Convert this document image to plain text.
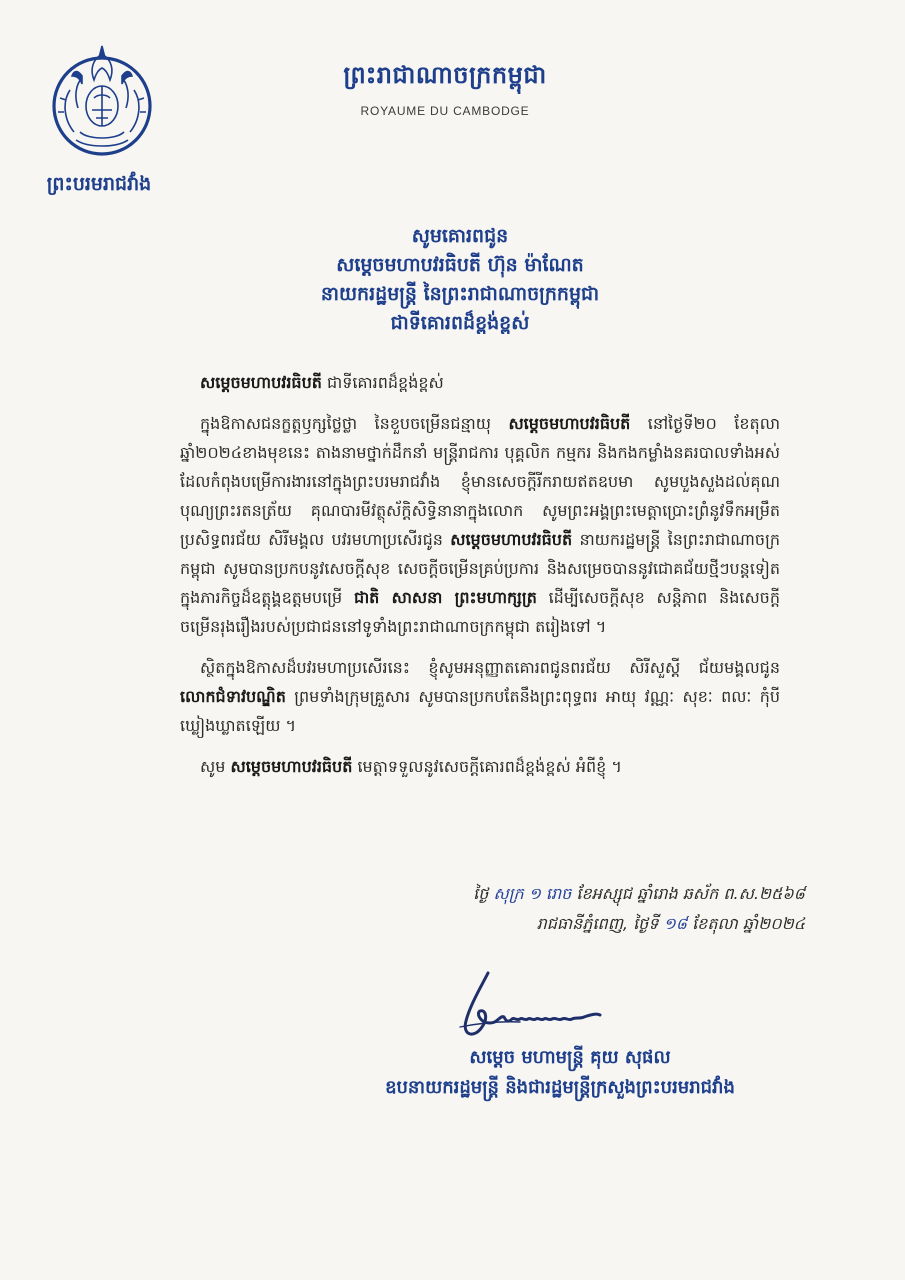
ព្រះបរមរាជវាំង
ព្រះរាជាណាចក្រកម្ពុជា
ROYAUME DU CAMBODGE
សូមគោរពជូន
សម្តេចមហាបវរធិបតី ហ៊ុន ម៉ាណែត
នាយករដ្ឋមន្ត្រី នៃព្រះរាជាណាចក្រកម្ពុជា
ជាទីគោរពដ៏ខ្ពង់ខ្ពស់
សម្តេចមហាបវរធិបតី ជាទីគោរពដ៏ខ្ពង់ខ្ពស់
ក្នុងឱកាសជនក្ខត្តឫក្សថ្លៃថ្លា នៃខួបចម្រើនជន្មាយុ សម្តេចមហាបវរធិបតី នៅថ្ងៃទី២០ ខែតុលា ឆ្នាំ២០២៤ខាងមុខនេះ តាងនាមថ្នាក់ដឹកនាំ មន្ត្រីរាជការ បុគ្គលិក កម្មករ និងកងកម្លាំងនគរបាលទាំងអស់ ដែលកំពុងបម្រើការងារនៅក្នុងព្រះបរមរាជវាំង ខ្ញុំមានសេចក្តីរីករាយឥតឧបមា សូមបួងសួងដល់គុណបុណ្យព្រះរតនត្រ័យ គុណបារមីវត្ថុស័ក្តិសិទ្ធិនានាក្នុងលោក សូមព្រះអង្គព្រះមេត្តាប្រោះព្រំនូវទឹកអម្រឹត ប្រសិទ្ធពរជ័យ សិរីមង្គល បវរមហាប្រសើរជូន សម្តេចមហាបវរធិបតី នាយករដ្ឋមន្ត្រី នៃព្រះរាជាណាចក្រកម្ពុជា សូមបានប្រកបនូវសេចក្តីសុខ សេចក្តីចម្រើនគ្រប់ប្រការ និងសម្រេចបាននូវជោគជ័យថ្មីៗបន្តទៀតក្នុងភារកិច្ចដ៏ឧត្តុង្គឧត្តមបម្រើ ជាតិ សាសនា ព្រះមហាក្សត្រ ដើម្បីសេចក្តីសុខ សន្តិភាព និងសេចក្តីចម្រើនរុងរឿងរបស់ប្រជាជននៅទូទាំងព្រះរាជាណាចក្រកម្ពុជា តរៀងទៅ ។
ស្ថិតក្នុងឱកាសដ៏បវរមហាប្រសើរនេះ ខ្ញុំសូមអនុញ្ញាតគោរពជូនពរជ័យ សិរីសួស្តី ជ័យមង្គលជូន លោកជំទាវបណ្ឌិត ព្រមទាំងក្រុមគ្រួសារ សូមបានប្រកបតែនឹងព្រះពុទ្ធពរ អាយុ វណ្ណៈ សុខៈ ពលៈ កុំបីឃ្លៀងឃ្លាតឡើយ ។
សូម សម្តេចមហាបវរធិបតី មេត្តាទទួលនូវសេចក្តីគោរពដ៏ខ្ពង់ខ្ពស់ អំពីខ្ញុំ ។
ថ្ងៃ សុក្រ ១ រោច ខែអស្សុជ ឆ្នាំរោង ឆស័ក ព.ស.២៥៦៨
រាជធានីភ្នំពេញ, ថ្ងៃទី ១៨ ខែតុលា ឆ្នាំ២០២៤
សម្តេច មហាមន្ត្រី គុយ សុផល
ឧបនាយករដ្ឋមន្ត្រី និងជារដ្ឋមន្ត្រីក្រសួងព្រះបរមរាជវាំង
